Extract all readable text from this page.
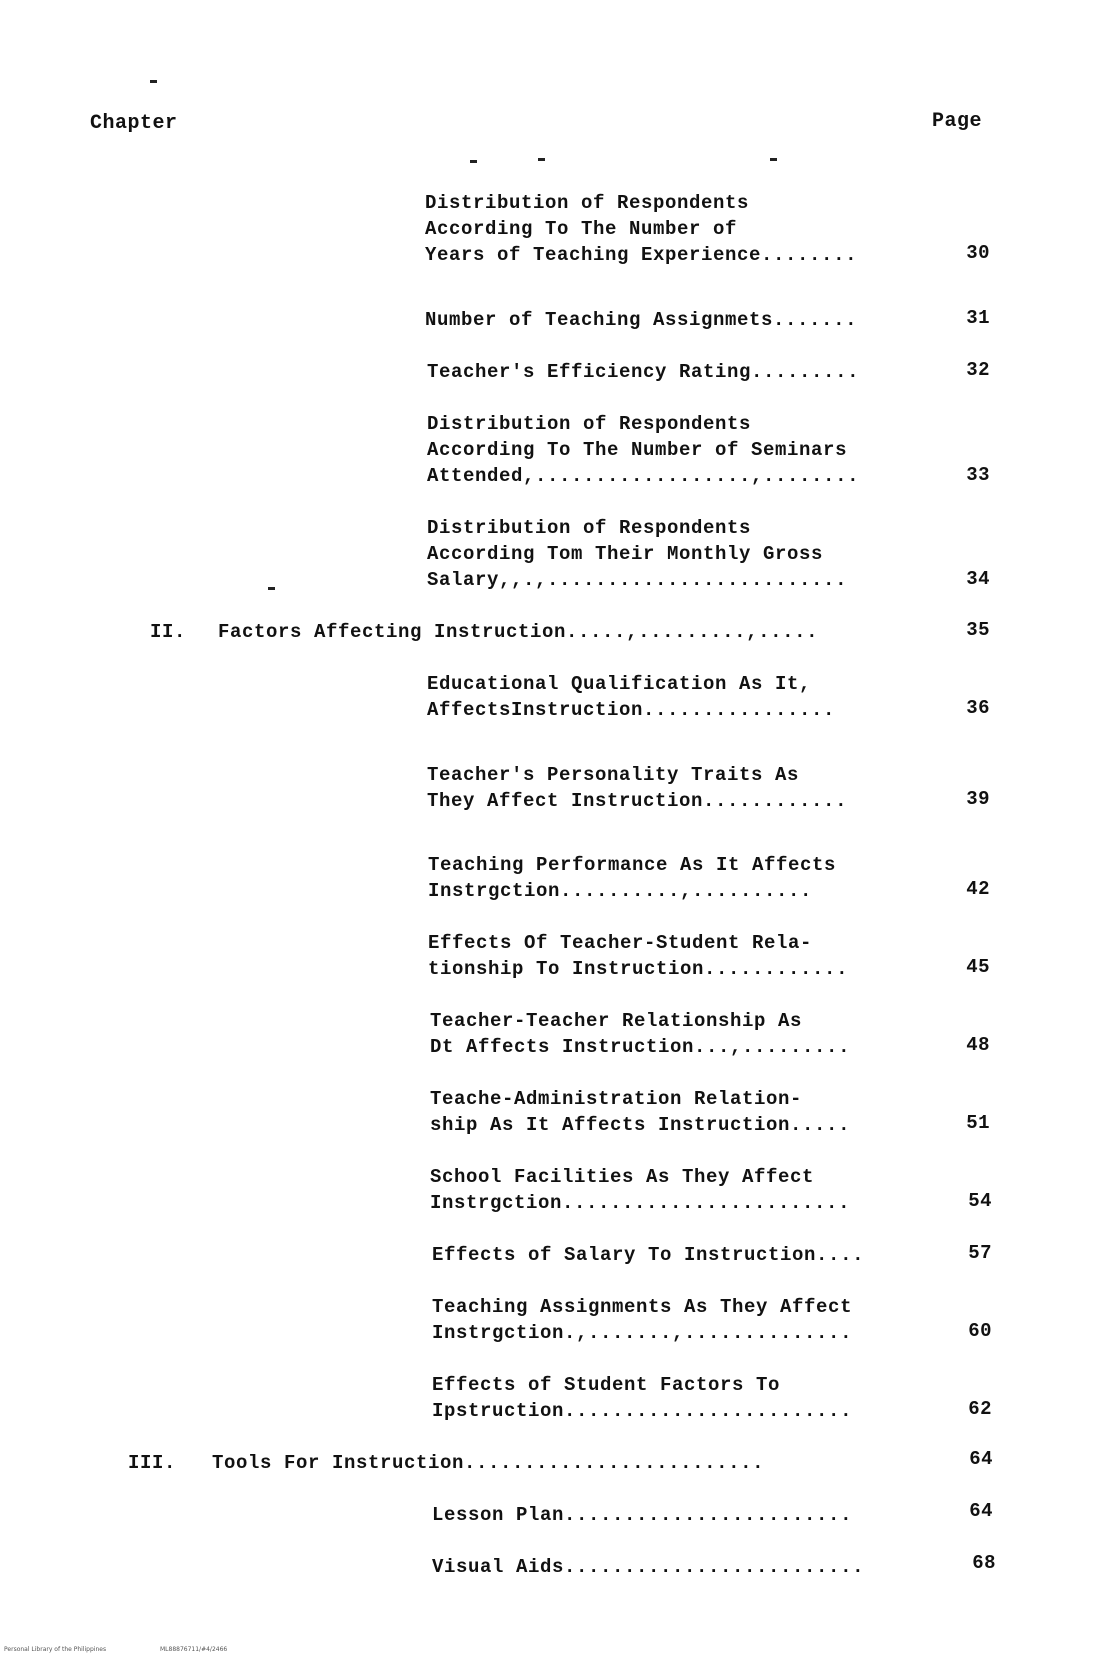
Chapter	Page
Distribution of Respondents
According To The Number of
Years of Teaching Experience........	30
Number of Teaching Assignmets.......	31
Teacher's Efficiency Rating.........	32
Distribution of Respondents
According To The Number of Seminars
Attended,..................,........	33
Distribution of Respondents
According Tom Their Monthly Gross
Salary,,.,.........................	34
II. Factors Affecting Instruction.....,.........,.....	35
Educational Qualification As It,
AffectsInstruction................	36
Teacher's Personality Traits As
They Affect Instruction............	39
Teaching Performance As It Affects
Instrgction..........,..........	42
Effects Of Teacher-Student Rela-
tionship To Instruction............	45
Teacher-Teacher Relationship As
Dt Affects Instruction...,.........	48
Teache-Administration Relation-
ship As It Affects Instruction.....	51
School Facilities As They Affect
Instrgction........................	54
Effects of Salary To Instruction....	57
Teaching Assignments As They Affect
Instrgction.,.......,..............	60
Effects of Student Factors To
Ipstruction........................	62
III. Tools For Instruction.........................	64
Lesson Plan........................	64
Visual Aids.........................	68
Personal Library of the Philippines	ML88876711/#4/2466
